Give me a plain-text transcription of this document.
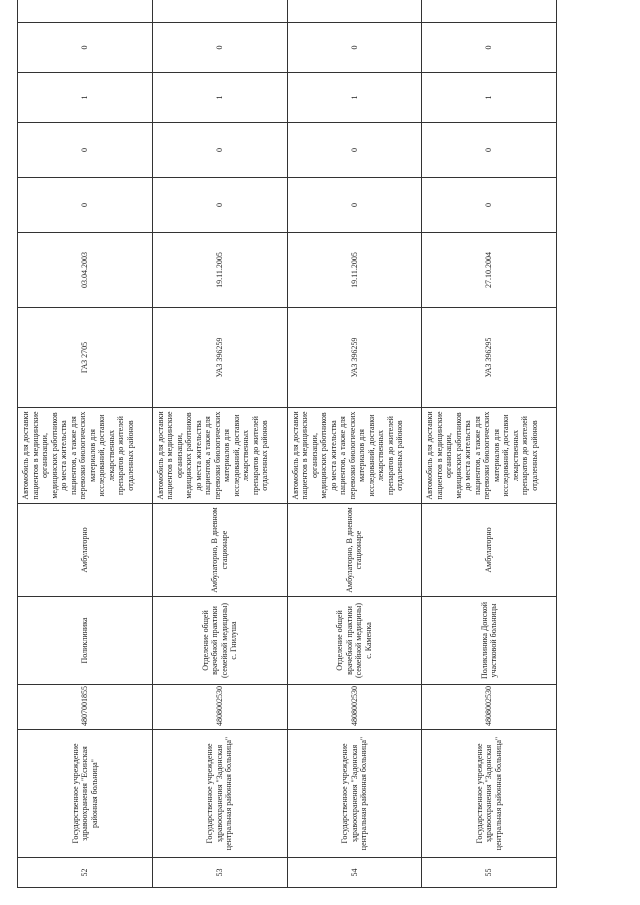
52	Государственное учреждение здравоохранения "Есинская районная больница"	4807001855	Поликлиника	Амбулаторно	Автомобиль для доставки пациентов в медицинские организации, медицинских работников до места жительства пациентов, а также для перевозки биологических материалов для исследований, доставки лекарственных препаратов до жителей отдаленных районов	ГАЗ 2705	03.04.2003	0	0	1	0	
53	Государственное учреждение здравоохранения "Задонская центральная районная больница"	4808002530	Отделение общей врачебной практики (семейной медицины) с. Гнилуша	Амбулаторно, В дневном стационаре	Автомобиль для доставки пациентов в медицинские организации, медицинских работников до места жительства пациентов, а также для перевозки биологических материалов для исследований, доставки лекарственных препаратов до жителей отдаленных районов	УАЗ 396259	19.11.2005	0	0	1	0	
54	Государственное учреждение здравоохранения "Задонская центральная районная больница"	4808002530	Отделение общей врачебной практики (семейной медицины) с. Каменка	Амбулаторно, В дневном стационаре	Автомобиль для доставки пациентов в медицинские организации, медицинских работников до места жительства пациентов, а также для перевозки биологических материалов для исследований, доставки лекарственных препаратов до жителей отдаленных районов	УАЗ 396259	19.11.2005	0	0	1	0	
55	Государственное учреждение здравоохранения "Задонская центральная районная больница"	4808002530	Поликлиника Донской участковой больницы	Амбулаторно	Автомобиль для доставки пациентов в медицинские организации, медицинских работников до места жительства пациентов, а также для перевозки биологических материалов для исследований, доставки лекарственных препаратов до жителей отдаленных районов	УАЗ 396295	27.10.2004	0	0	1	0	
